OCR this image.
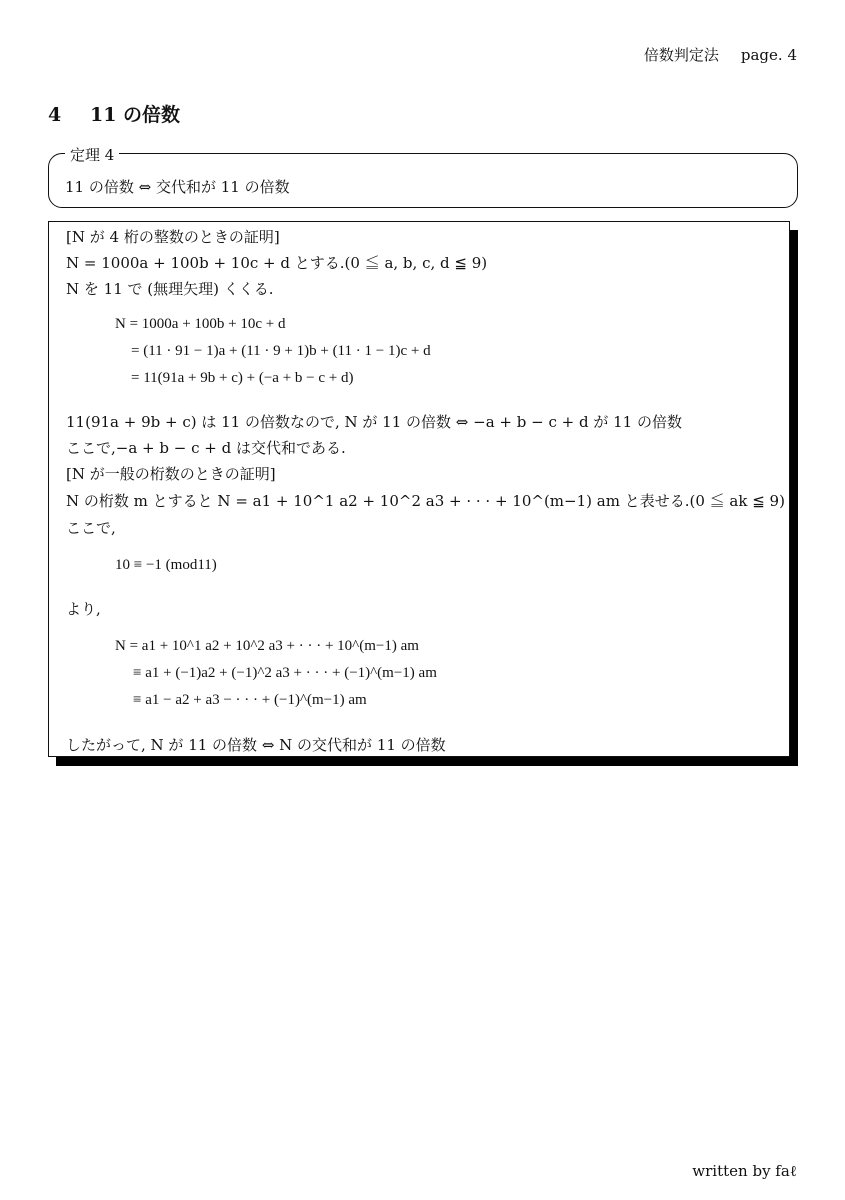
倍数判定法 page. 4
4 11 の倍数
定理 4
11 の倍数 ⇔ 交代和が 11 の倍数
[N が 4 桁の整数のときの証明]
N = 1000a + 100b + 10c + d とする.(0 ≦ a, b, c, d ≦ 9)
N を 11 で (無理矢理) くくる.
N = 1000a + 100b + 10c + d
= (11 · 91 − 1)a + (11 · 9 + 1)b + (11 · 1 − 1)c + d
= 11(91a + 9b + c) + (−a + b − c + d)
11(91a + 9b + c) は 11 の倍数なので, N が 11 の倍数 ⇔ −a + b − c + d が 11 の倍数
ここで,−a + b − c + d は交代和である.
[N が一般の桁数のときの証明]
N の桁数 m とすると N = a1 + 10^1 a2 + 10^2 a3 + · · · + 10^(m−1) am と表せる.(0 ≦ ak ≦ 9)
ここで,
10 ≡ −1 (mod11)
より,
N = a1 + 10^1 a2 + 10^2 a3 + · · · + 10^(m−1) am
≡ a1 + (−1)a2 + (−1)^2 a3 + · · · + (−1)^(m−1) am
≡ a1 − a2 + a3 − · · · + (−1)^(m−1) am
したがって, N が 11 の倍数 ⇔ N の交代和が 11 の倍数
written by faℓ
